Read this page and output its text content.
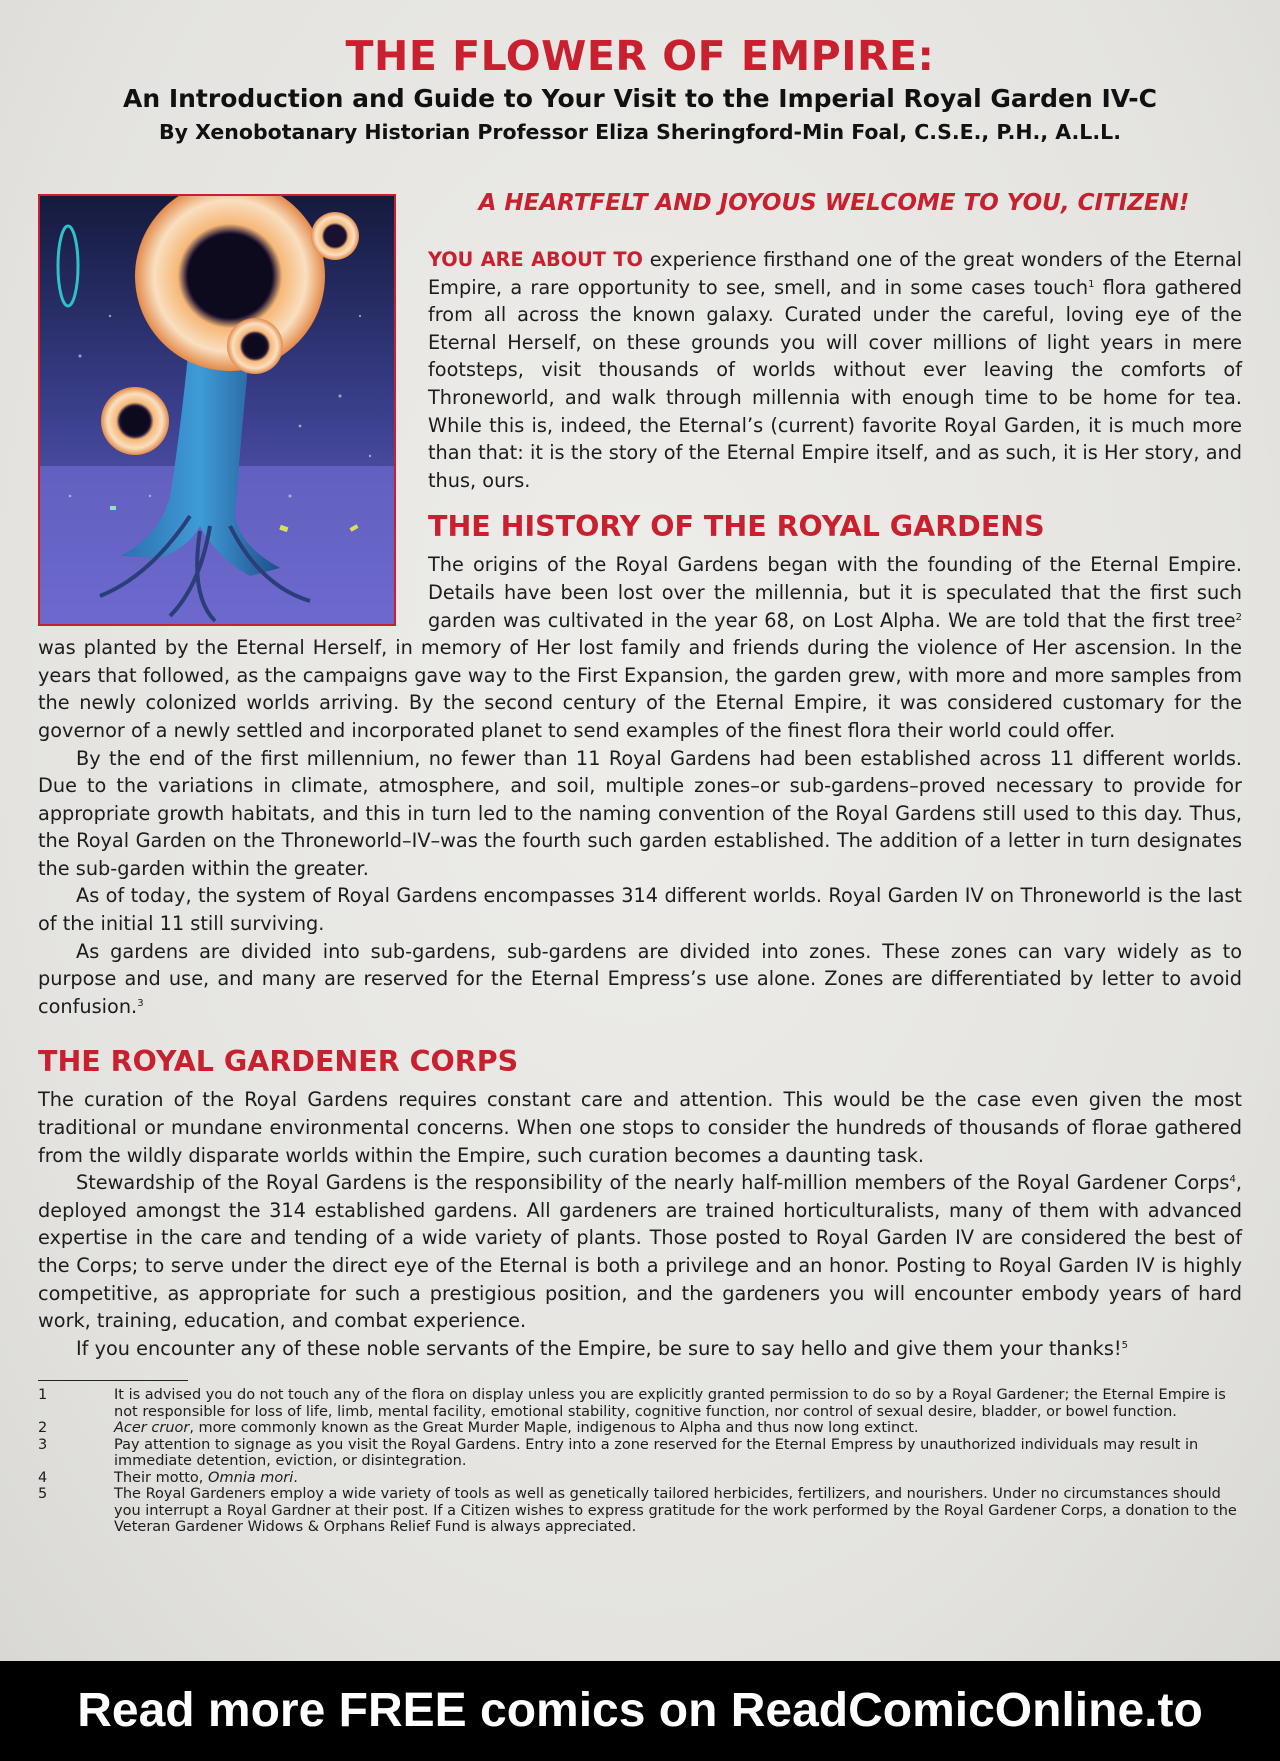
THE FLOWER OF EMPIRE:
An Introduction and Guide to Your Visit to the Imperial Royal Garden IV-C
By Xenobotanary Historian Professor Eliza Sheringford-Min Foal, C.S.E., P.H., A.L.L.
A HEARTFELT AND JOYOUS WELCOME TO YOU, CITIZEN!

YOU ARE ABOUT TO experience firsthand one of the great wonders of the Eternal Empire, a rare opportunity to see, smell, and in some cases touch$^1$ flora gathered from all across the known galaxy. Curated under the careful, loving eye of the Eternal Herself, on these grounds you will cover millions of light years in mere footsteps, visit thousands of worlds without ever leaving the comforts of Throneworld, and walk through millennia with enough time to be home for tea. While this is, indeed, the Eternal’s (current) favorite Royal Garden, it is much more than that: it is the story of the Eternal Empire itself, and as such, it is Her story, and thus, ours.

THE HISTORY OF THE ROYAL GARDENS

The origins of the Royal Gardens began with the founding of the Eternal Empire. Details have been lost over the millennia, but it is speculated that the first such garden was cultivated in the year 68, on Lost Alpha. We are told that the first tree$^2$ was planted by the Eternal Herself, in memory of Her lost family and friends during the violence of Her ascension. In the years that followed, as the campaigns gave way to the First Expansion, the garden grew, with more and more samples from the newly colonized worlds arriving. By the second century of the Eternal Empire, it was considered customary for the governor of a newly settled and incorporated planet to send examples of the finest flora their world could offer.

By the end of the first millennium, no fewer than 11 Royal Gardens had been established across 11 different worlds. Due to the variations in climate, atmosphere, and soil, multiple zones–or sub-gardens–proved necessary to provide for appropriate growth habitats, and this in turn led to the naming convention of the Royal Gardens still used to this day. Thus, the Royal Garden on the Throneworld–IV–was the fourth such garden established. The addition of a letter in turn designates the sub-garden within the greater.

As of today, the system of Royal Gardens encompasses 314 different worlds. Royal Garden IV on Throneworld is the last of the initial 11 still surviving.

As gardens are divided into sub-gardens, sub-gardens are divided into zones. These zones can vary widely as to purpose and use, and many are reserved for the Eternal Empress’s use alone. Zones are differentiated by letter to avoid confusion.$^3$

THE ROYAL GARDENER CORPS

The curation of the Royal Gardens requires constant care and attention. This would be the case even given the most traditional or mundane environmental concerns. When one stops to consider the hundreds of thousands of florae gathered from the wildly disparate worlds within the Empire, such curation becomes a daunting task.

Stewardship of the Royal Gardens is the responsibility of the nearly half-million members of the Royal Gardener Corps$^4$, deployed amongst the 314 established gardens. All gardeners are trained horticulturalists, many of them with advanced expertise in the care and tending of a wide variety of plants. Those posted to Royal Garden IV are considered the best of the Corps; to serve under the direct eye of the Eternal is both a privilege and an honor. Posting to Royal Garden IV is highly competitive, as appropriate for such a prestigious position, and the gardeners you will encounter embody years of hard work, training, education, and combat experience.

If you encounter any of these noble servants of the Empire, be sure to say hello and give them your thanks!$^5$

1	It is advised you do not touch any of the flora on display unless you are explicitly granted permission to do so by a Royal Gardener; the Eternal Empire is not responsible for loss of life, limb, mental facility, emotional stability, cognitive function, nor control of sexual desire, bladder, or bowel function.
2	Acer cruor, more commonly known as the Great Murder Maple, indigenous to Alpha and thus now long extinct.
3	Pay attention to signage as you visit the Royal Gardens. Entry into a zone reserved for the Eternal Empress by unauthorized individuals may result in immediate detention, eviction, or disintegration.
4	Their motto, Omnia mori.
5	The Royal Gardeners employ a wide variety of tools as well as genetically tailored herbicides, fertilizers, and nourishers. Under no circumstances should you interrupt a Royal Gardner at their post. If a Citizen wishes to express gratitude for the work performed by the Royal Gardener Corps, a donation to the Veteran Gardener Widows & Orphans Relief Fund is always appreciated.
Read more FREE comics on ReadComicOnline.to
